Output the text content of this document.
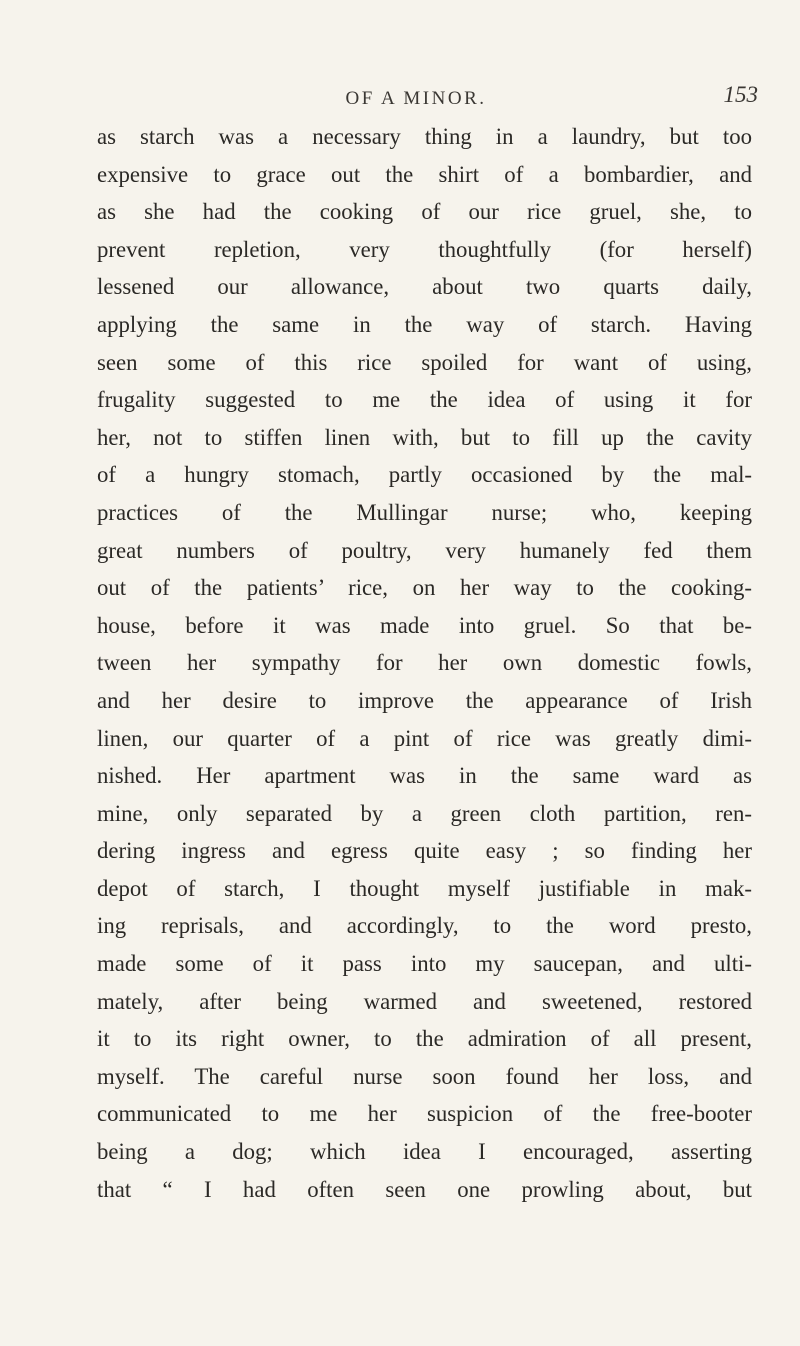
OF A MINOR.	153
as starch was a necessary thing in a laundry, but too
expensive to grace out the shirt of a bombardier, and
as she had the cooking of our rice gruel, she, to
prevent repletion, very thoughtfully (for herself)
lessened our allowance, about two quarts daily,
applying the same in the way of starch. Having
seen some of this rice spoiled for want of using,
frugality suggested to me the idea of using it for
her, not to stiffen linen with, but to fill up the cavity
of a hungry stomach, partly occasioned by the mal-
practices of the Mullingar nurse; who, keeping
great numbers of poultry, very humanely fed them
out of the patients’ rice, on her way to the cooking-
house, before it was made into gruel. So that be-
tween her sympathy for her own domestic fowls,
and her desire to improve the appearance of Irish
linen, our quarter of a pint of rice was greatly dimi-
nished. Her apartment was in the same ward as
mine, only separated by a green cloth partition, ren-
dering ingress and egress quite easy ; so finding her
depot of starch, I thought myself justifiable in mak-
ing reprisals, and accordingly, to the word presto,
made some of it pass into my saucepan, and ulti-
mately, after being warmed and sweetened, restored
it to its right owner, to the admiration of all present,
myself. The careful nurse soon found her loss, and
communicated to me her suspicion of the free-booter
being a dog; which idea I encouraged, asserting
that “ I had often seen one prowling about, but
